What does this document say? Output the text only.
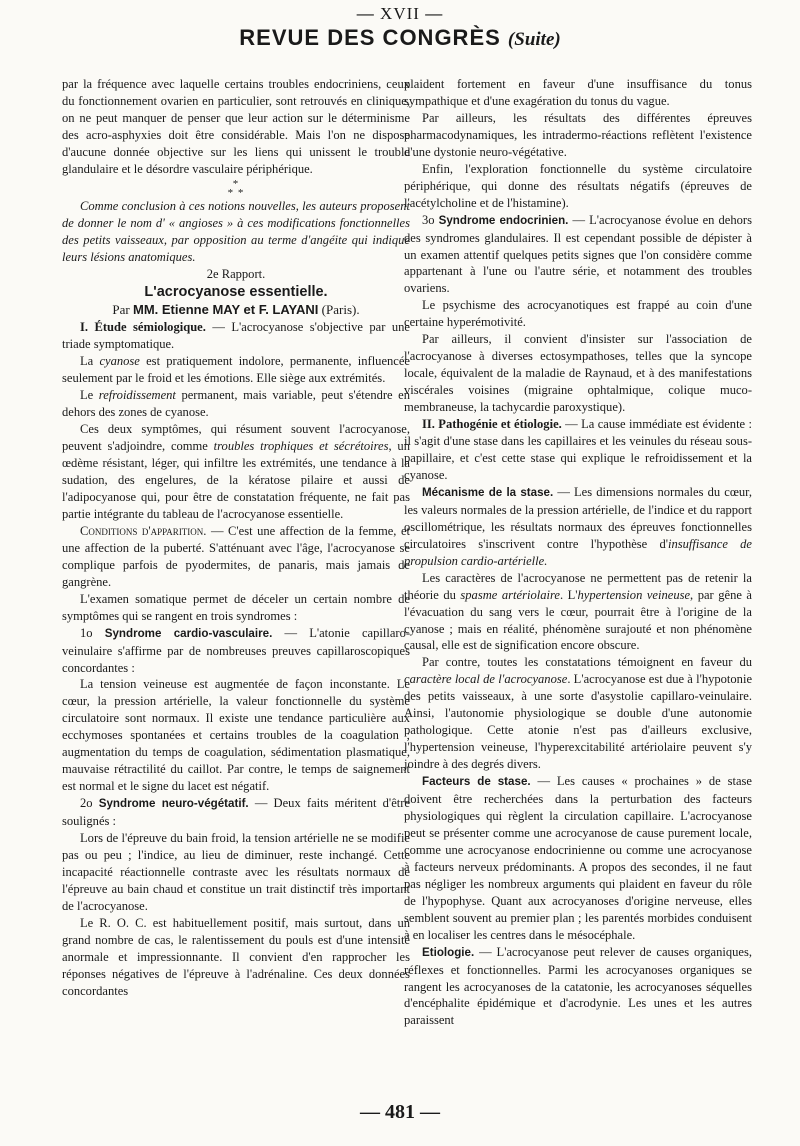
— XVII —
REVUE DES CONGRÈS (Suite)

par la fréquence avec laquelle certains troubles endocriniens, ceux du fonctionnement ovarien en particulier, sont retrouvés en clinique, on ne peut manquer de penser que leur action sur le déterminisme des acro-asphyxies doit être considérable. Mais l'on ne dispose d'aucune donnée objective sur les liens qui unissent le trouble glandulaire et le désordre vasculaire périphérique.

*
* *

Comme conclusion à ces notions nouvelles, les auteurs proposent de donner le nom d' « angioses » à ces modifications fonctionnelles des petits vaisseaux, par opposition au terme d'angéite qui indique leurs lésions anatomiques.

2e Rapport.

L'acrocyanose essentielle.

Par MM. Etienne MAY et F. LAYANI (Paris).

I. Étude sémiologique. — L'acrocyanose s'objective par une triade symptomatique.

La cyanose est pratiquement indolore, permanente, influencée seulement par le froid et les émotions. Elle siège aux extrémités.

Le refroidissement permanent, mais variable, peut s'étendre en dehors des zones de cyanose.

Ces deux symptômes, qui résument souvent l'acrocyanose, peuvent s'adjoindre, comme troubles trophiques et sécrétoires, un œdème résistant, léger, qui infiltre les extrémités, une tendance à la sudation, des engelures, de la kératose pilaire et aussi de l'adipocyanose qui, pour être de constatation fréquente, ne fait pas partie intégrante du tableau de l'acrocyanose essentielle.

Conditions d'apparition. — C'est une affection de la femme, et une affection de la puberté. S'atténuant avec l'âge, l'acrocyanose se complique parfois de pyodermites, de panaris, mais jamais de gangrène.

L'examen somatique permet de déceler un certain nombre de symptômes qui se rangent en trois syndromes :

1o Syndrome cardio-vasculaire. — L'atonie capillaro-veinulaire s'affirme par de nombreuses preuves capillaroscopiques concordantes :

La tension veineuse est augmentée de façon inconstante. Le cœur, la pression artérielle, la valeur fonctionnelle du système circulatoire sont normaux. Il existe une tendance particulière aux ecchymoses spontanées et certains troubles de la coagulation ; augmentation du temps de coagulation, sédimentation plasmatique, mauvaise rétractilité du caillot. Par contre, le temps de saignement est normal et le signe du lacet est négatif.

2o Syndrome neuro-végétatif. — Deux faits méritent d'être soulignés :

Lors de l'épreuve du bain froid, la tension artérielle ne se modifie pas ou peu ; l'indice, au lieu de diminuer, reste inchangé. Cette incapacité réactionnelle contraste avec les résultats normaux de l'épreuve au bain chaud et constitue un trait distinctif très important de l'acrocyanose.

Le R. O. C. est habituellement positif, mais surtout, dans un grand nombre de cas, le ralentissement du pouls est d'une intensité anormale et impressionnante. Il convient d'en rapprocher les réponses négatives de l'épreuve à l'adrénaline. Ces deux données concordantes

plaident fortement en faveur d'une insuffisance du tonus sympathique et d'une exagération du tonus du vague.

Par ailleurs, les résultats des différentes épreuves pharmacodynamiques, les intradermo-réactions reflètent l'existence d'une dystonie neuro-végétative.

Enfin, l'exploration fonctionnelle du système circulatoire périphérique, qui donne des résultats négatifs (épreuves de l'acétylcholine et de l'histamine).

3o Syndrome endocrinien. — L'acrocyanose évolue en dehors des syndromes glandulaires. Il est cependant possible de dépister à un examen attentif quelques petits signes que l'on considère comme appartenant à l'une ou l'autre série, et notamment des troubles ovariens.

Le psychisme des acrocyanotiques est frappé au coin d'une certaine hyperémotivité.

Par ailleurs, il convient d'insister sur l'association de l'acrocyanose à diverses ectosympathoses, telles que la syncope locale, équivalent de la maladie de Raynaud, et à des manifestations viscérales voisines (migraine ophtalmique, colique muco-membraneuse, la tachycardie paroxystique).

II. Pathogénie et étiologie. — La cause immédiate est évidente : il s'agit d'une stase dans les capillaires et les veinules du réseau sous-papillaire, et c'est cette stase qui explique le refroidissement et la cyanose.

Mécanisme de la stase. — Les dimensions normales du cœur, les valeurs normales de la pression artérielle, de l'indice et du rapport oscillométrique, les résultats normaux des épreuves fonctionnelles circulatoires s'inscrivent contre l'hypothèse d'insuffisance de propulsion cardio-artérielle.

Les caractères de l'acrocyanose ne permettent pas de retenir la théorie du spasme artériolaire. L'hypertension veineuse, par gêne à l'évacuation du sang vers le cœur, pourrait être à l'origine de la cyanose ; mais en réalité, phénomène surajouté et non phénomène causal, elle est de signification encore obscure.

Par contre, toutes les constatations témoignent en faveur du caractère local de l'acrocyanose. L'acrocyanose est due à l'hypotonie des petits vaisseaux, à une sorte d'asystolie capillaro-veinulaire. Ainsi, l'autonomie physiologique se double d'une autonomie pathologique. Cette atonie n'est pas d'ailleurs exclusive, l'hypertension veineuse, l'hyperexcitabilité artériolaire peuvent s'y joindre à des degrés divers.

Facteurs de stase. — Les causes « prochaines » de stase doivent être recherchées dans la perturbation des facteurs physiologiques qui règlent la circulation capillaire. L'acrocyanose peut se présenter comme une acrocyanose de cause purement locale, comme une acrocyanose endocrinienne ou comme une acrocyanose à facteurs nerveux prédominants. A propos des secondes, il ne faut pas négliger les nombreux arguments qui plaident en faveur du rôle de l'hypophyse. Quant aux acrocyanoses d'origine nerveuse, elles semblent souvent au premier plan ; les parentés morbides conduisent à en localiser les centres dans le mésocéphale.

Etiologie. — L'acrocyanose peut relever de causes organiques, réflexes et fonctionnelles. Parmi les acrocyanoses organiques se rangent les acrocyanoses de la catatonie, les acrocyanoses séquelles d'encéphalite épidémique et d'acrodynie. Les unes et les autres paraissent

— 481 —
